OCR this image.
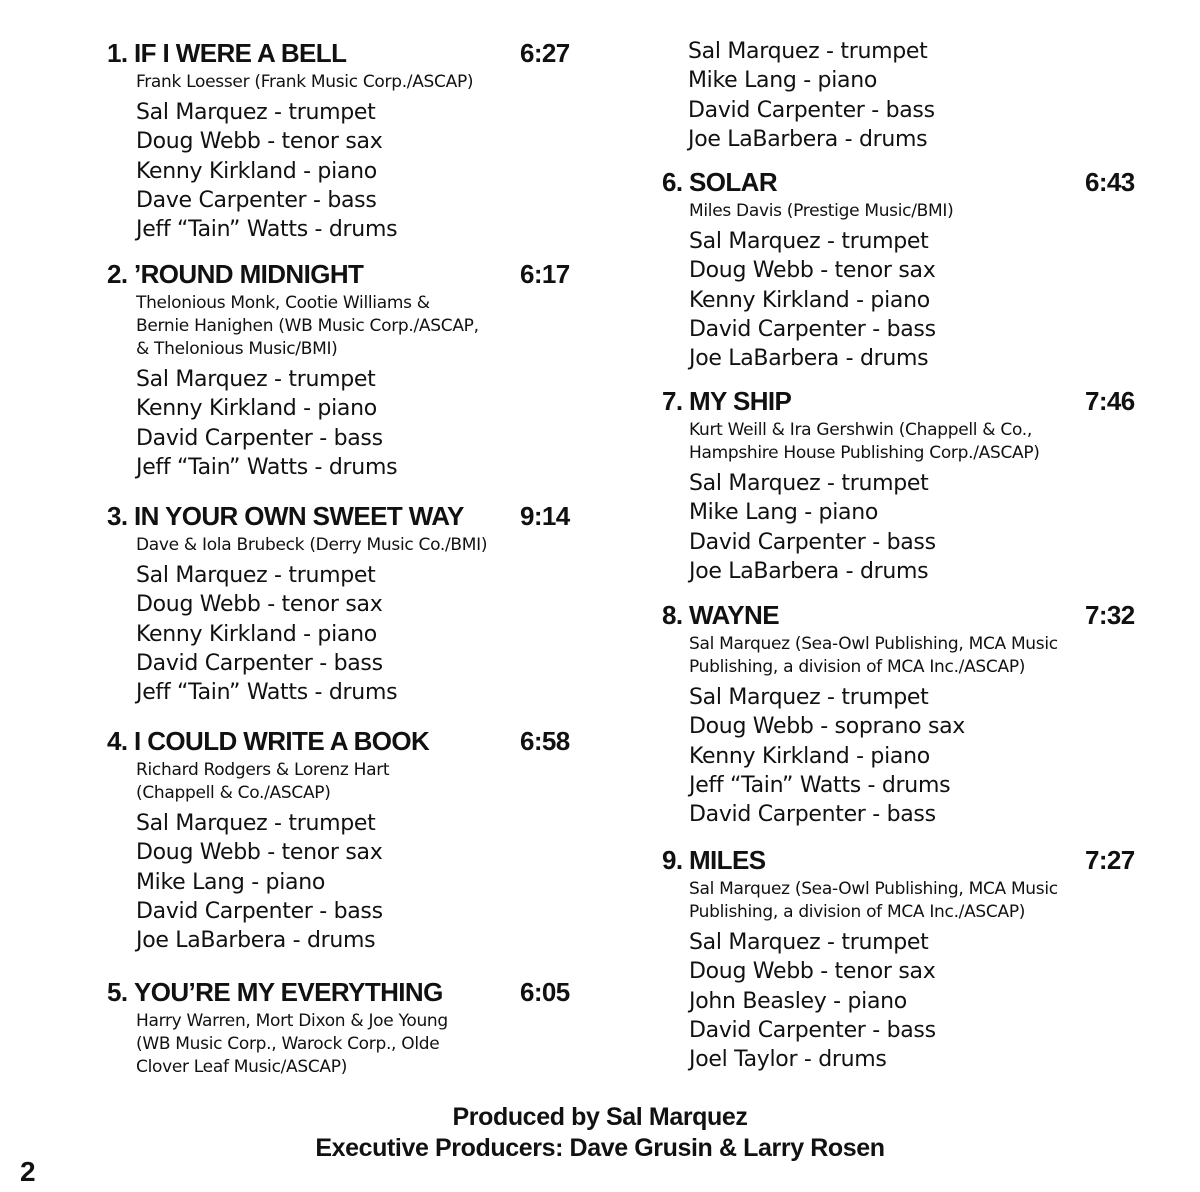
Sal Marquez - trumpet
Mike Lang - piano
David Carpenter - bass
Joe LaBarbera - drums
1. IF I WERE A BELL	6:27
Frank Loesser (Frank Music Corp./ASCAP)
Sal Marquez - trumpet
Doug Webb - tenor sax
Kenny Kirkland - piano
Dave Carpenter - bass
Jeff “Tain” Watts - drums
2. ’ROUND MIDNIGHT	6:17
Thelonious Monk, Cootie Williams &
Bernie Hanighen (WB Music Corp./ASCAP,
& Thelonious Music/BMI)
Sal Marquez - trumpet
Kenny Kirkland - piano
David Carpenter - bass
Jeff “Tain” Watts - drums
3. IN YOUR OWN SWEET WAY 9:14
Dave & Iola Brubeck (Derry Music Co./BMI)
Sal Marquez - trumpet
Doug Webb - tenor sax
Kenny Kirkland - piano
David Carpenter - bass
Jeff “Tain” Watts - drums
4. I COULD WRITE A BOOK	6:58
Richard Rodgers & Lorenz Hart
(Chappell & Co./ASCAP)
Sal Marquez - trumpet
Doug Webb - tenor sax
Mike Lang - piano
David Carpenter - bass
Joe LaBarbera - drums
5. YOU’RE MY EVERYTHING	6:05
Harry Warren, Mort Dixon & Joe Young
(WB Music Corp., Warock Corp., Olde
Clover Leaf Music/ASCAP)
6. SOLAR	6:43
Miles Davis (Prestige Music/BMI)
Sal Marquez - trumpet
Doug Webb - tenor sax
Kenny Kirkland - piano
David Carpenter - bass
Joe LaBarbera - drums
7. MY SHIP	7:46
Kurt Weill & Ira Gershwin (Chappell & Co.,
Hampshire House Publishing Corp./ASCAP)
Sal Marquez - trumpet
Mike Lang - piano
David Carpenter - bass
Joe LaBarbera - drums
8. WAYNE	7:32
Sal Marquez (Sea-Owl Publishing, MCA Music
Publishing, a division of MCA Inc./ASCAP)
Sal Marquez - trumpet
Doug Webb - soprano sax
Kenny Kirkland - piano
Jeff “Tain” Watts - drums
David Carpenter - bass
9. MILES	7:27
Sal Marquez (Sea-Owl Publishing, MCA Music
Publishing, a division of MCA Inc./ASCAP)
Sal Marquez - trumpet
Doug Webb - tenor sax
John Beasley - piano
David Carpenter - bass
Joel Taylor - drums
Produced by Sal Marquez
Executive Producers: Dave Grusin & Larry Rosen
2
